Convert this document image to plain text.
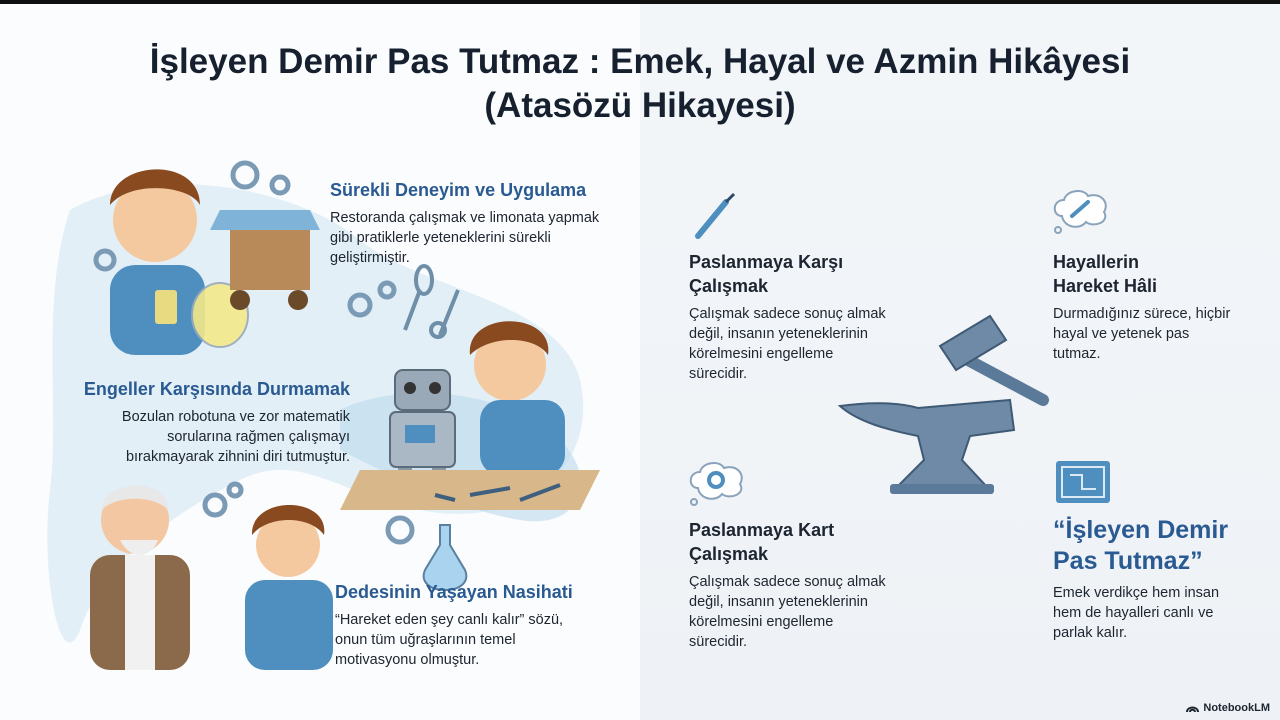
İşleyen Demir Pas Tutmaz : Emek, Hayal ve Azmin Hikâyesi
(Atasözü Hikayesi)
Sürekli Deneyim ve Uygulama
Restoranda çalışmak ve limonata yapmak gibi pratiklerle yeteneklerini sürekli geliştirmiştir.
Engeller Karşısında Durmamak
Bozulan robotuna ve zor matematik sorularına rağmen çalışmayı bırakmayarak zihnini diri tutmuştur.
Dedesinin Yaşayan Nasihati
“Hareket eden şey canlı kalır” sözü, onun tüm uğraşlarının temel motivasyonu olmuştur.
Paslanmaya Karşı Çalışmak
Çalışmak sadece sonuç almak değil, insanın yeteneklerinin körelmesini engelleme sürecidir.
Hayallerin Hareket Hâli
Durmadığınız sürece, hiçbir hayal ve yetenek pas tutmaz.
Paslanmaya Kart Çalışmak
Çalışmak sadece sonuç almak değil, insanın yeteneklerinin körelmesini engelleme sürecidir.
“İşleyen Demir Pas Tutmaz”
Emek verdikçe hem insan hem de hayalleri canlı ve parlak kalır.
NotebookLM
